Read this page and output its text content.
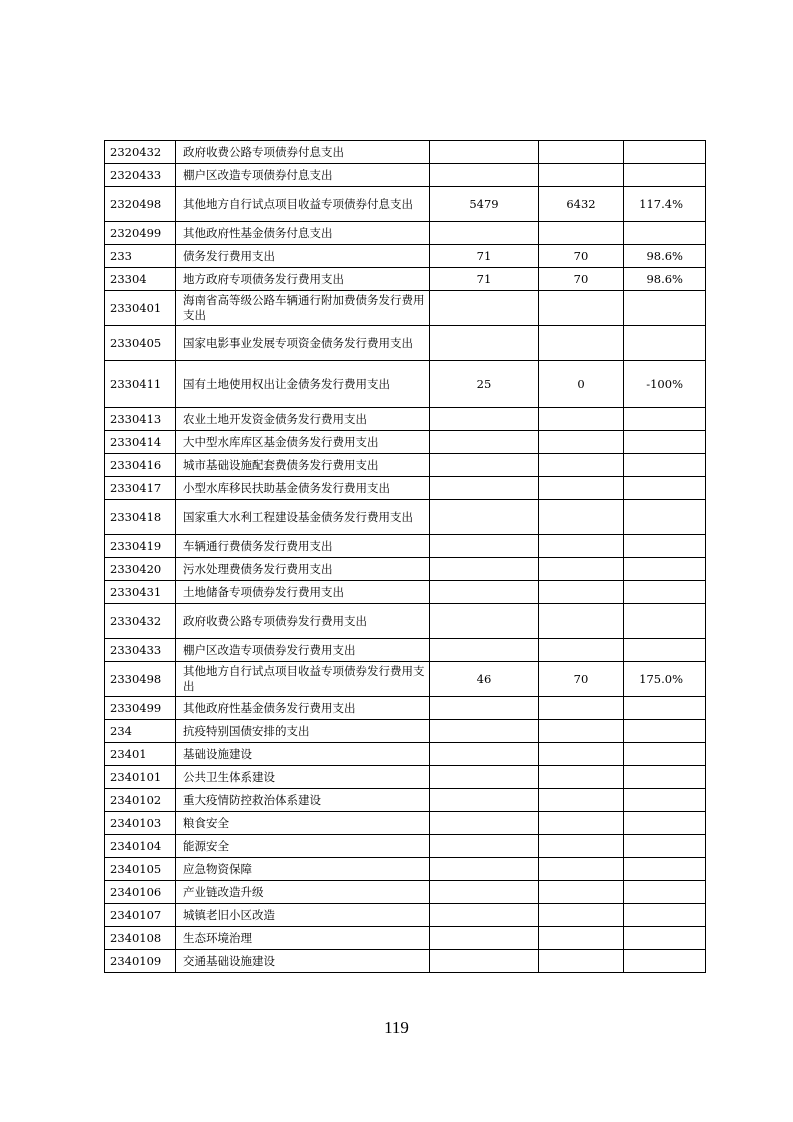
2320432	政府收费公路专项债券付息支出			
2320433	棚户区改造专项债券付息支出			
2320498	其他地方自行试点项目收益专项债券付息支出	5479	6432	117.4%
2320499	其他政府性基金债务付息支出			
233	债务发行费用支出	71	70	98.6%
23304	地方政府专项债务发行费用支出	71	70	98.6%
2330401	海南省高等级公路车辆通行附加费债务发行费用支出			
2330405	国家电影事业发展专项资金债务发行费用支出			
2330411	国有土地使用权出让金债务发行费用支出	25	0	-100%
2330413	农业土地开发资金债务发行费用支出			
2330414	大中型水库库区基金债务发行费用支出			
2330416	城市基础设施配套费债务发行费用支出			
2330417	小型水库移民扶助基金债务发行费用支出			
2330418	国家重大水利工程建设基金债务发行费用支出			
2330419	车辆通行费债务发行费用支出			
2330420	污水处理费债务发行费用支出			
2330431	土地储备专项债券发行费用支出			
2330432	政府收费公路专项债券发行费用支出			
2330433	棚户区改造专项债券发行费用支出			
2330498	其他地方自行试点项目收益专项债券发行费用支出	46	70	175.0%
2330499	其他政府性基金债务发行费用支出			
234	抗疫特别国债安排的支出			
23401	基础设施建设			
2340101	公共卫生体系建设			
2340102	重大疫情防控救治体系建设			
2340103	粮食安全			
2340104	能源安全			
2340105	应急物资保障			
2340106	产业链改造升级			
2340107	城镇老旧小区改造			
2340108	生态环境治理			
2340109	交通基础设施建设			
119
